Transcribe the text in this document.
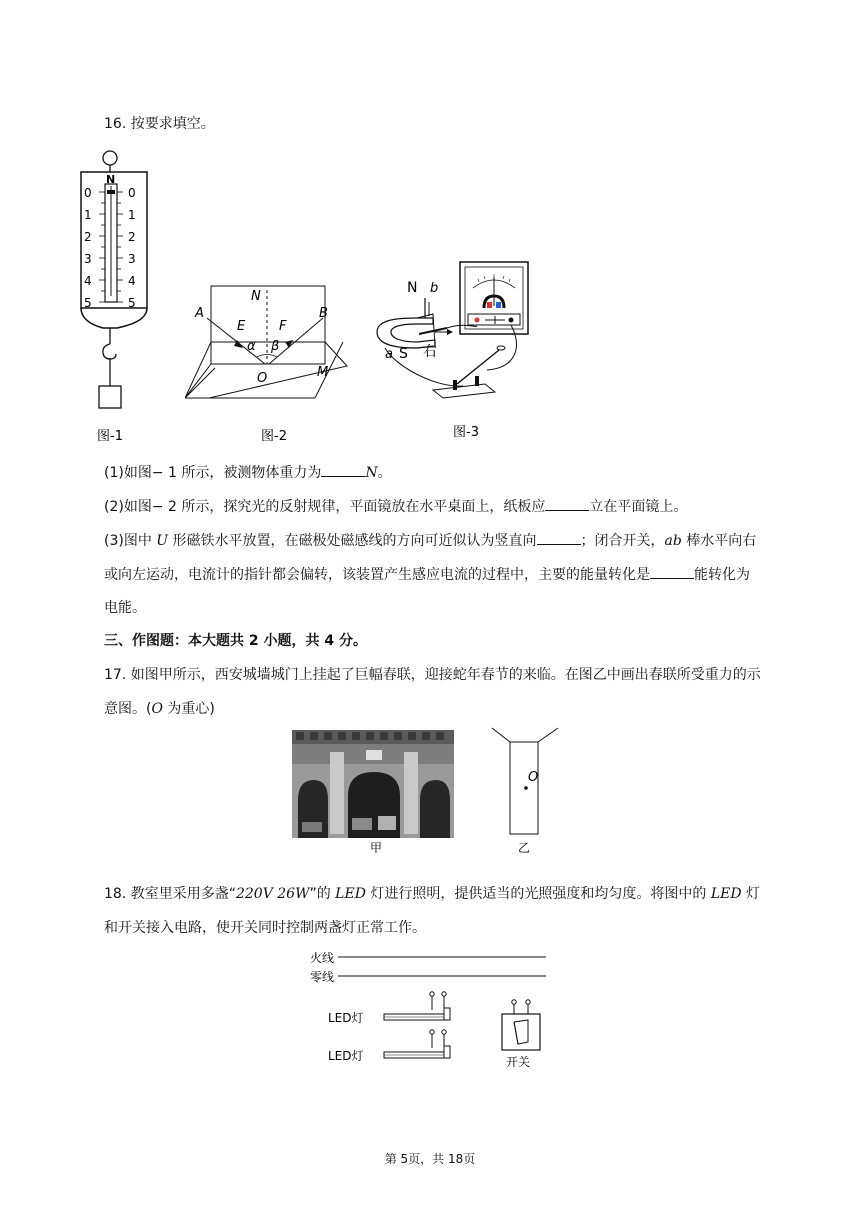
16. 按要求填空。
N
0
1
2
3
4
5
0
1
2
3
4
5
图-1
N
A	B
E	F
α β
O	M
图-2
N b
a S 右
图-3
(1)如图− 1 所示，被测物体重力为	N。
(2)如图− 2 所示，探究光的反射规律，平面镜放在水平桌面上，纸板应	立在平面镜上。
(3)图中 U 形磁铁水平放置，在磁极处磁感线的方向可近似认为竖直向	；闭合开关，ab 棒水平向右
或向左运动，电流计的指针都会偏转，该装置产生感应电流的过程中，主要的能量转化是	能转化为
电能。
三、作图题：本大题共 2 小题，共 4 分。
17. 如图甲所示，西安城墙城门上挂起了巨幅春联，迎接蛇年春节的来临。在图乙中画出春联所受重力的示
意图。(O 为重心)
甲
O
乙
18. 教室里采用多盏“220V 26W”的 LED 灯进行照明，提供适当的光照强度和均匀度。将图中的 LED 灯
和开关接入电路，使开关同时控制两盏灯正常工作。
火线
零线
LED灯
LED灯	开关
第 5页，共 18页
